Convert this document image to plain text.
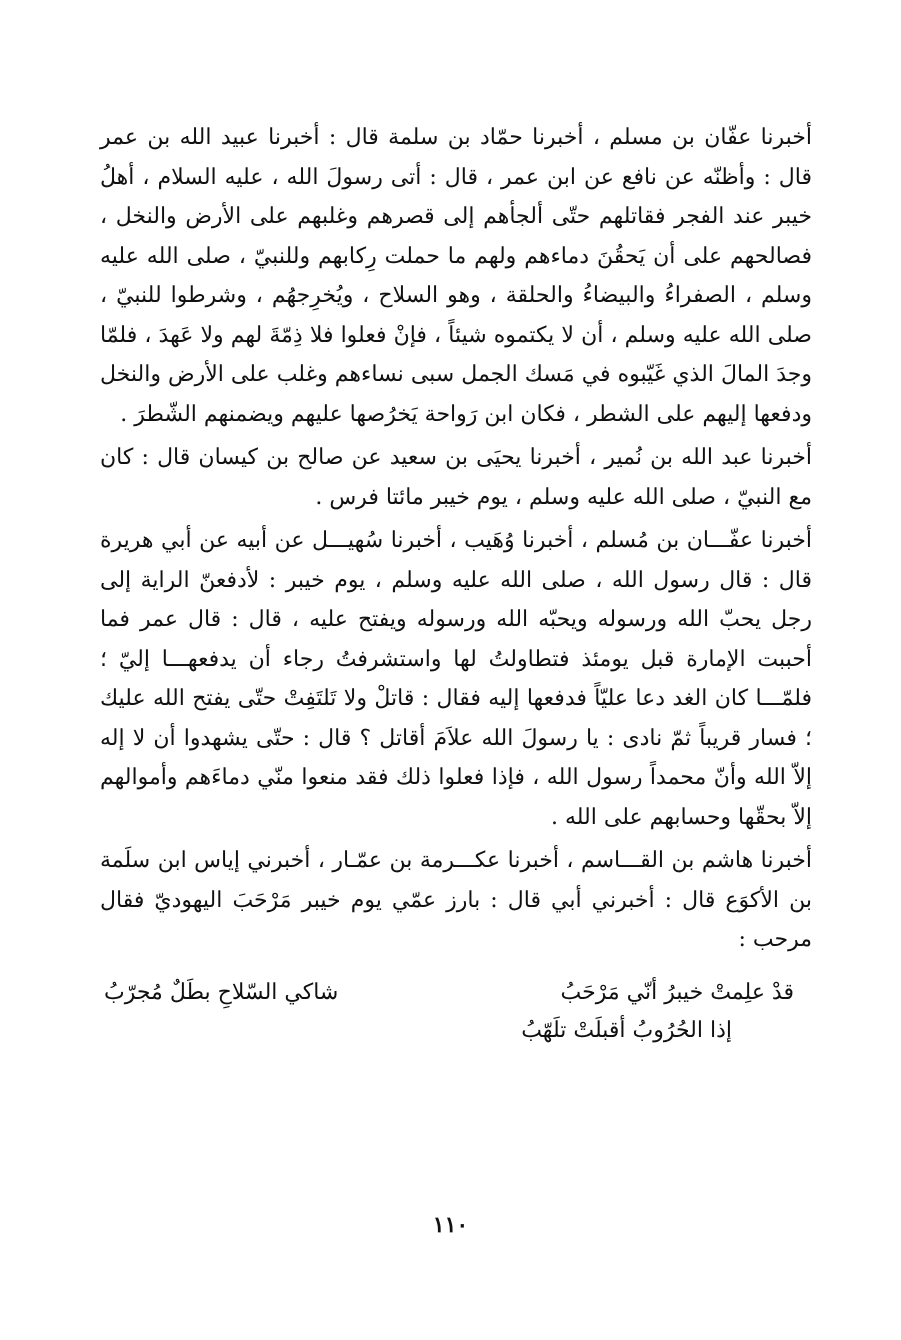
أخبرنا عفّان بن مسلم ، أخبرنا حمّاد بن سلمة قال : أخبرنا عبيد الله بن عمر قال : وأظنّه عن نافع عن ابن عمر ، قال : أتى رسولَ الله ، عليه السلام ، أهلُ خيبر عند الفجر فقاتلهم حتّى ألجأهم إلى قصرهم وغلبهم على الأرض والنخل ، فصالحهم على أن يَحقُنَ دماءهم ولهم ما حملت رِكابهم وللنبيّ ، صلى الله عليه وسلم ، الصفراءُ والبيضاءُ والحلقة ، وهو السلاح ، ويُخرِجهُم ، وشرطوا للنبيّ ، صلى الله عليه وسلم ، أن لا يكتموه شيئاً ، فإنْ فعلوا فلا ذِمّةَ لهم ولا عَهدَ ، فلمّا وجدَ المالَ الذي غَيّبوه في مَسك الجمل سبى نساءهم وغلب على الأرض والنخل ودفعها إليهم على الشطر ، فكان ابن رَواحة يَخرُصها عليهم ويضمنهم الشّطرَ .

أخبرنا عبد الله بن نُمير ، أخبرنا يحيَى بن سعيد عن صالح بن كيسان قال : كان مع النبيّ ، صلى الله عليه وسلم ، يوم خيبر مائتا فرس .

أخبرنا عفّـــان بن مُسلم ، أخبرنا وُهَيب ، أخبرنا سُهيـــل عن أبيه عن أبي هريرة قال : قال رسول الله ، صلى الله عليه وسلم ، يوم خيبر : لأدفعنّ الراية إلى رجل يحبّ الله ورسوله ويحبّه الله ورسوله ويفتح عليه ، قال : قال عمر فما أحببت الإمارة قبل يومئذ فتطاولتُ لها واستشرفتُ رجاء أن يدفعهـــا إليّ ؛ فلمّـــا كان الغد دعا عليّاً فدفعها إليه فقال : قاتلْ ولا تَلتَفِتْ حتّى يفتح الله عليك ؛ فسار قريباً ثمّ نادى : يا رسولَ الله علاَمَ أقاتل ؟ قال : حتّى يشهدوا أن لا إله إلاّ الله وأنّ محمداً رسول الله ، فإذا فعلوا ذلك فقد منعوا منّي دماءَهم وأموالهم إلاّ بحقّها وحسابهم على الله .

أخبرنا هاشم بن القـــاسم ، أخبرنا عكـــرمة بن عمّـار ، أخبرني إياس ابن سلَمة بن الأكوَع قال : أخبرني أبي قال : بارز عمّي يوم خيبر مَرْحَبَ اليهوديّ فقال مرحب :

قدْ علِمتْ خيبرُ أنّي مَرْحَبُ
شاكي السّلاحِ بطَلٌ مُجرّبُ
إذا الحُرُوبُ أقبلَتْ تلَهّبُ
١١٠
